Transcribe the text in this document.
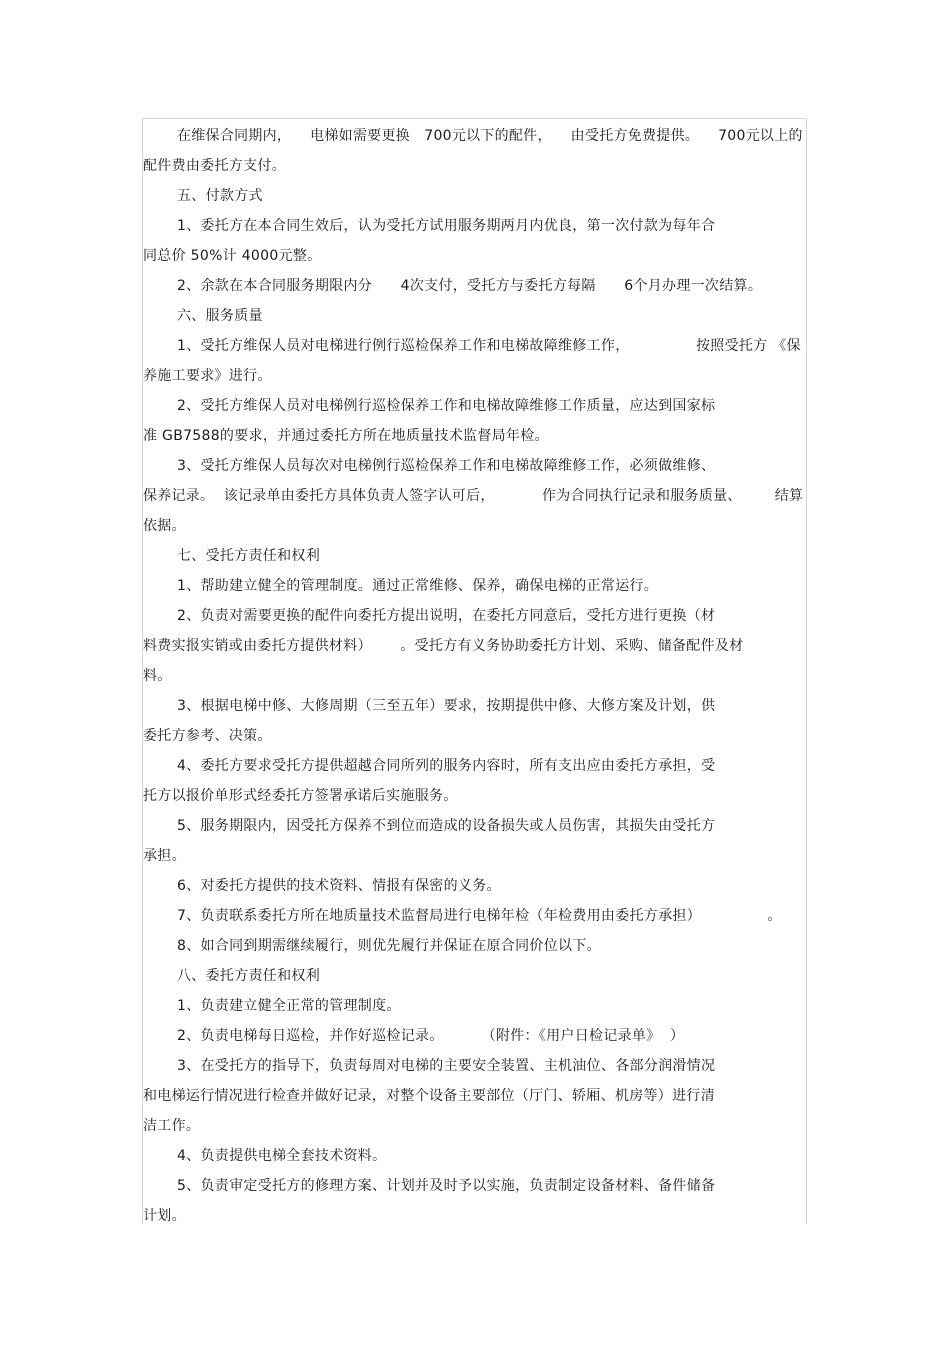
在维保合同期内，    电梯如需要更换   700元以下的配件，    由受托方免费提供。    700元以上的
配件费由委托方支付。
五、付款方式
1、委托方在本合同生效后，认为受托方试用服务期两月内优良，第一次付款为每年合
同总价 50%计 4000元整。
2、余款在本合同服务期限内分      4次支付，受托方与委托方每隔      6个月办理一次结算。
六、服务质量
1、受托方维保人员对电梯进行例行巡检保养工作和电梯故障维修工作，              按照受托方 《保
养施工要求》进行。
2、受托方维保人员对电梯例行巡检保养工作和电梯故障维修工作质量，应达到国家标
准 GB7588的要求，并通过委托方所在地质量技术监督局年检。
3、受托方维保人员每次对电梯例行巡检保养工作和电梯故障维修工作，必须做维修、
保养记录。  该记录单由委托方具体负责人签字认可后，          作为合同执行记录和服务质量、       结算
依据。
七、受托方责任和权利
1、帮助建立健全的管理制度。通过正常维修、保养，确保电梯的正常运行。
2、负责对需要更换的配件向委托方提出说明，在委托方同意后，受托方进行更换（材
料费实报实销或由委托方提供材料）      。受托方有义务协助委托方计划、采购、储备配件及材
料。
3、根据电梯中修、大修周期（三至五年）要求，按期提供中修、大修方案及计划，供
委托方参考、决策。
4、委托方要求受托方提供超越合同所列的服务内容时，所有支出应由委托方承担，受
托方以报价单形式经委托方签署承诺后实施服务。
5、服务期限内，因受托方保养不到位而造成的设备损失或人员伤害，其损失由受托方
承担。
6、对委托方提供的技术资料、情报有保密的义务。
7、负责联系委托方所在地质量技术监督局进行电梯年检（年检费用由委托方承担）              。
8、如合同到期需继续履行，则优先履行并保证在原合同价位以下。
八、委托方责任和权利
1、负责建立健全正常的管理制度。
2、负责电梯每日巡检，并作好巡检记录。        （附件：《用户日检记录单》  ）
3、在受托方的指导下，负责每周对电梯的主要安全装置、主机油位、各部分润滑情况
和电梯运行情况进行检查并做好记录，对整个设备主要部位（厅门、轿厢、机房等）进行清
洁工作。
4、负责提供电梯全套技术资料。
5、负责审定受托方的修理方案、计划并及时予以实施，负责制定设备材料、备件储备
计划。
